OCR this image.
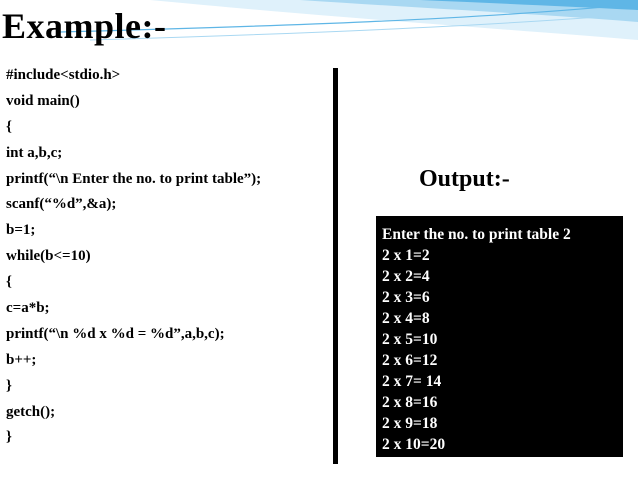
Example:-
#include<stdio.h>
void main()
{
int a,b,c;
printf(“\n Enter the no. to print table”);
scanf(“%d”,&a);
b=1;
while(b<=10)
{
c=a*b;
printf(“\n %d x %d = %d”,a,b,c);
b++;
}
getch();
}
Output:-
Enter the no. to print table 2
2 x 1=2
2 x 2=4
2 x 3=6
2 x 4=8
2 x 5=10
2 x 6=12
2 x 7= 14
2 x 8=16
2 x 9=18
2 x 10=20
